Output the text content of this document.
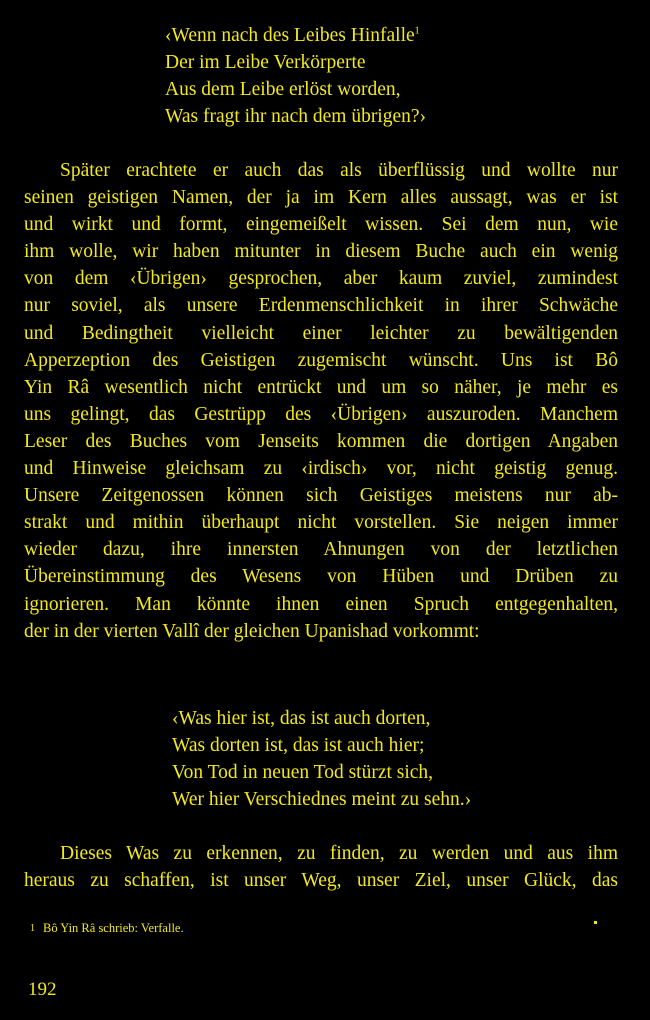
‹Wenn nach des Leibes Hinfalle$^1$
Der im Leibe Verkörperte
Aus dem Leibe erlöst worden,
Was fragt ihr nach dem übrigen?›
Später erachtete er auch das als überflüssig und wollte nur
seinen geistigen Namen, der ja im Kern alles aussagt, was er ist
und wirkt und formt, eingemeißelt wissen. Sei dem nun, wie
ihm wolle, wir haben mitunter in diesem Buche auch ein wenig
von dem ‹Übrigen› gesprochen, aber kaum zuviel, zumindest
nur soviel, als unsere Erdenmenschlichkeit in ihrer Schwäche
und Bedingtheit vielleicht einer leichter zu bewältigenden
Apperzeption des Geistigen zugemischt wünscht. Uns ist Bô
Yin Râ wesentlich nicht entrückt und um so näher, je mehr es
uns gelingt, das Gestrüpp des ‹Übrigen› auszuroden. Manchem
Leser des Buches vom Jenseits kommen die dortigen Angaben
und Hinweise gleichsam zu ‹irdisch› vor, nicht geistig genug.
Unsere Zeitgenossen können sich Geistiges meistens nur ab-
strakt und mithin überhaupt nicht vorstellen. Sie neigen immer
wieder dazu, ihre innersten Ahnungen von der letztlichen
Übereinstimmung des Wesens von Hüben und Drüben zu
ignorieren. Man könnte ihnen einen Spruch entgegenhalten,
der in der vierten Vallî der gleichen Upanishad vorkommt:
‹Was hier ist, das ist auch dorten,
Was dorten ist, das ist auch hier;
Von Tod in neuen Tod stürzt sich,
Wer hier Verschiednes meint zu sehn.›
Dieses Was zu erkennen, zu finden, zu werden und aus ihm
heraus zu schaffen, ist unser Weg, unser Ziel, unser Glück, das
1 Bô Yin Râ schrieb: Verfalle.
192
